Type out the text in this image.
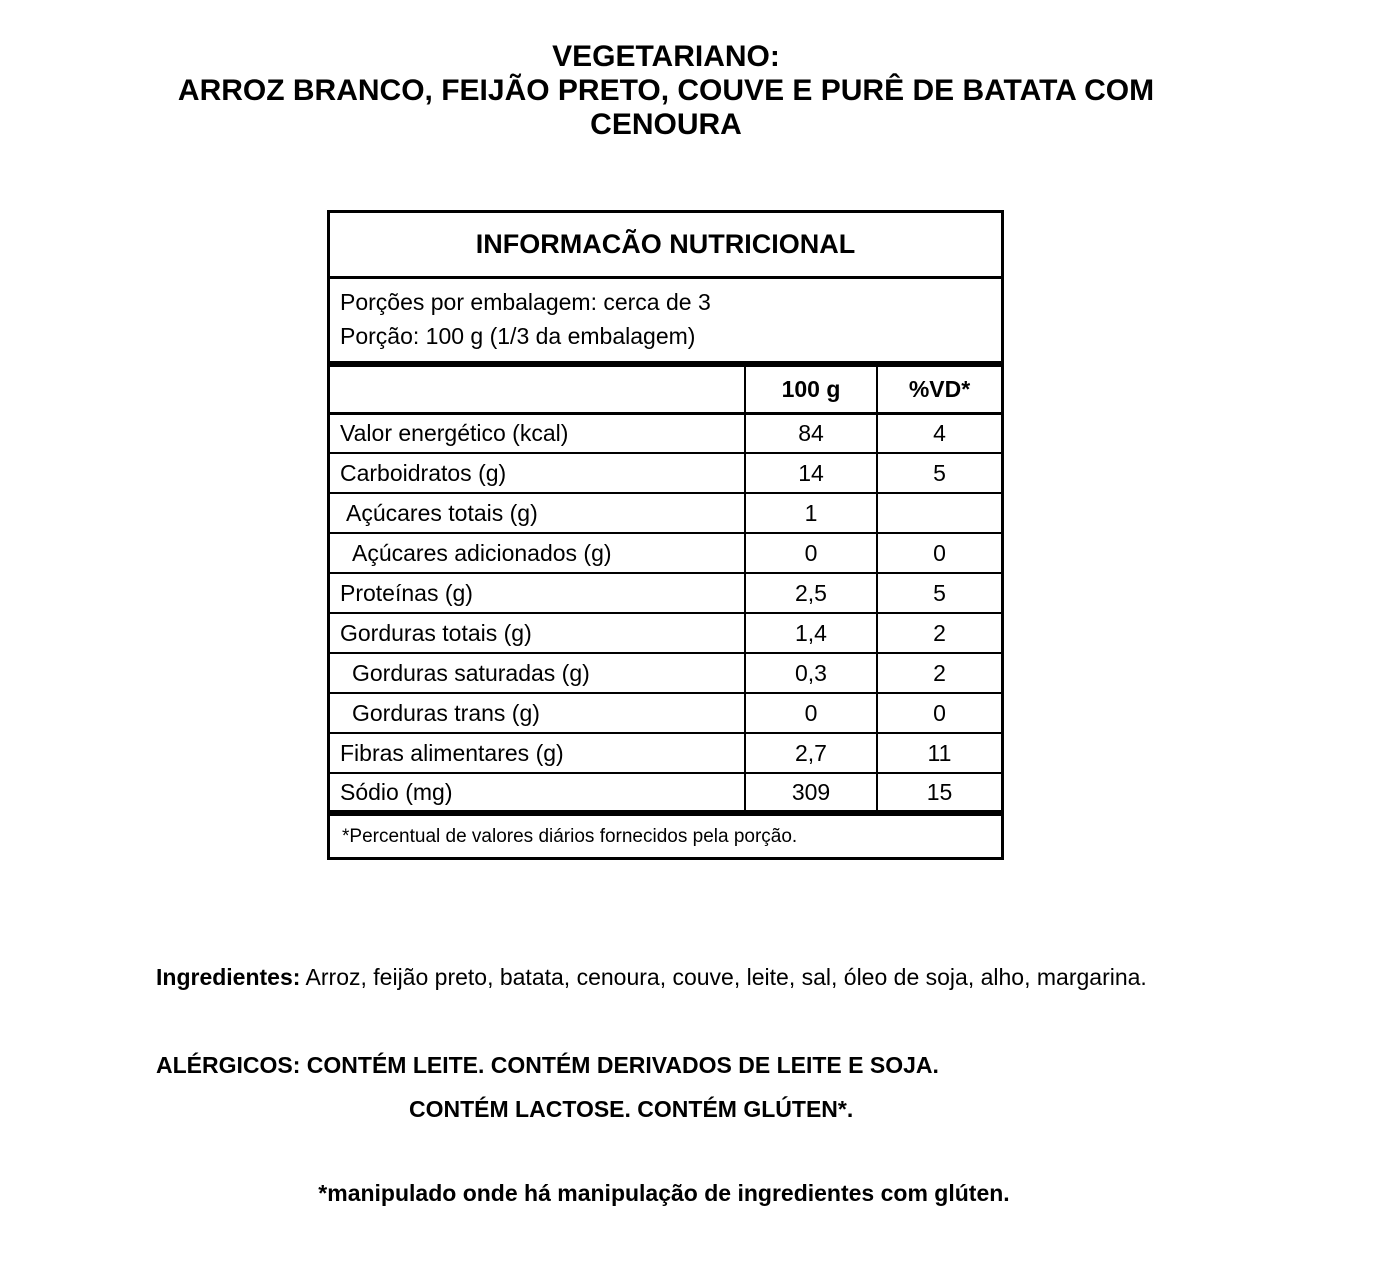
VEGETARIANO:
ARROZ BRANCO, FEIJÃO PRETO, COUVE E PURÊ DE BATATA COM
CENOURA
INFORMACÃO NUTRICIONAL
Porções por embalagem: cerca de 3
Porção: 100 g (1/3 da embalagem)
	100 g	%VD*
Valor energético (kcal)	84	4
Carboidratos (g)	14	5
Açúcares totais (g)	1	
Açúcares adicionados (g)	0	0
Proteínas (g)	2,5	5
Gorduras totais (g)	1,4	2
Gorduras saturadas (g)	0,3	2
Gorduras trans (g)	0	0
Fibras alimentares (g)	2,7	11
Sódio (mg)	309	15
*Percentual de valores diários fornecidos pela porção.
Ingredientes: Arroz, feijão preto, batata, cenoura, couve, leite, sal, óleo de soja, alho, margarina.
ALÉRGICOS: CONTÉM LEITE. CONTÉM DERIVADOS DE LEITE E SOJA.
CONTÉM LACTOSE. CONTÉM GLÚTEN*.
*manipulado onde há manipulação de ingredientes com glúten.
